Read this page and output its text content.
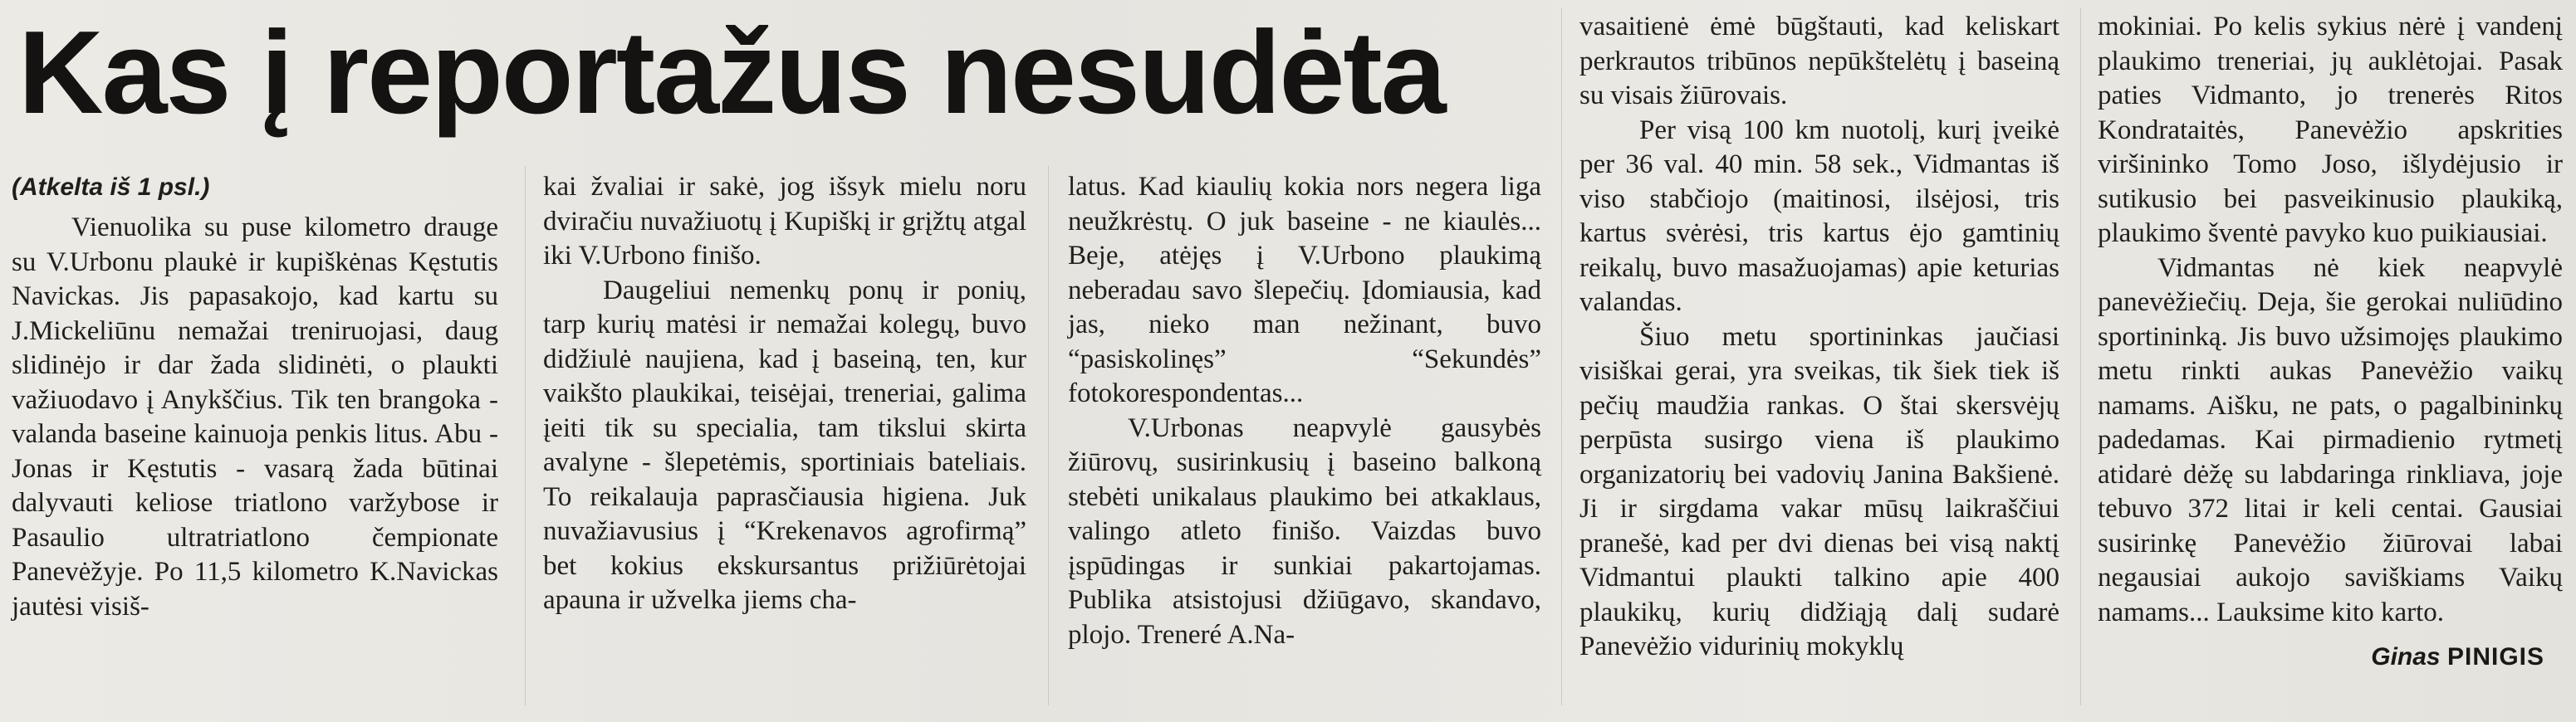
Kas į reportažus nesudėta

(Atkelta iš 1 psl.)

Vienuolika su puse kilometro drauge su V.Urbonu plaukė ir kupiškėnas Kęstutis Navickas. Jis papasakojo, kad kartu su J.Mickeliūnu nemažai treniruojasi, daug slidinėjo ir dar žada slidinėti, o plaukti važiuodavo į Anykščius. Tik ten brangoka - valanda baseine kainuoja penkis litus. Abu - Jonas ir Kęstutis - vasarą žada būtinai dalyvauti keliose triatlono varžybose ir Pasaulio ultratriatlono čempionate Panevėžyje. Po 11,5 kilometro K.Navickas jautėsi visiš-

kai žvaliai ir sakė, jog išsyk mielu noru dviračiu nuvažiuotų į Kupiškį ir grįžtų atgal iki V.Urbono finišo.

Daugeliui nemenkų ponų ir ponių, tarp kurių matėsi ir nemažai kolegų, buvo didžiulė naujiena, kad į baseiną, ten, kur vaikšto plaukikai, teisėjai, treneriai, galima įeiti tik su specialia, tam tikslui skirta avalyne - šlepetėmis, sportiniais bateliais. To reikalauja paprasčiausia higiena. Juk nuvažiavusius į “Krekenavos agrofirmą” bet kokius ekskursantus prižiūrėtojai apauna ir užvelka jiems cha-

latus. Kad kiaulių kokia nors negera liga neužkrėstų. O juk baseine - ne kiaulės... Beje, atėjęs į V.Urbono plaukimą neberadau savo šlepečių. Įdomiausia, kad jas, nieko man nežinant, buvo “pasiskolinęs” “Sekundės” fotokorespondentas...

V.Urbonas neapvylė gausybės žiūrovų, susirinkusių į baseino balkoną stebėti unikalaus plaukimo bei atkaklaus, valingo atleto finišo. Vaizdas buvo įspūdingas ir sunkiai pakartojamas. Publika atsistojusi džiūgavo, skandavo, plojo. Treneré A.Na-

vasaitienė ėmė būgštauti, kad keliskart perkrautos tribūnos nepūkštelėtų į baseiną su visais žiūrovais.

Per visą 100 km nuotolį, kurį įveikė per 36 val. 40 min. 58 sek., Vidmantas iš viso stabčiojo (maitinosi, ilsėjosi, tris kartus svėrėsi, tris kartus ėjo gamtinių reikalų, buvo masažuojamas) apie keturias valandas.

Šiuo metu sportininkas jaučiasi visiškai gerai, yra sveikas, tik šiek tiek iš pečių maudžia rankas. O štai skersvėjų perpūsta susirgo viena iš plaukimo organizatorių bei vadovių Janina Bakšienė. Ji ir sirgdama vakar mūsų laikraščiui pranešė, kad per dvi dienas bei visą naktį Vidmantui plaukti talkino apie 400 plaukikų, kurių didžiąją dalį sudarė Panevėžio vidurinių mokyklų

mokiniai. Po kelis sykius nėrė į vandenį plaukimo treneriai, jų auklėtojai. Pasak paties Vidmanto, jo trenerės Ritos Kondrataitės, Panevėžio apskrities viršininko Tomo Joso, išlydėjusio ir sutikusio bei pasveikinusio plaukiką, plaukimo šventė pavyko kuo puikiausiai.

Vidmantas nė kiek neapvylė panevėžiečių. Deja, šie gerokai nuliūdino sportininką. Jis buvo užsimojęs plaukimo metu rinkti aukas Panevėžio vaikų namams. Aišku, ne pats, o pagalbininkų padedamas. Kai pirmadienio rytmetį atidarė dėžę su labdaringa rinkliava, joje tebuvo 372 litai ir keli centai. Gausiai susirinkę Panevėžio žiūrovai labai negausiai aukojo saviškiams Vaikų namams... Lauksime kito karto.

Ginas PINIGIS
